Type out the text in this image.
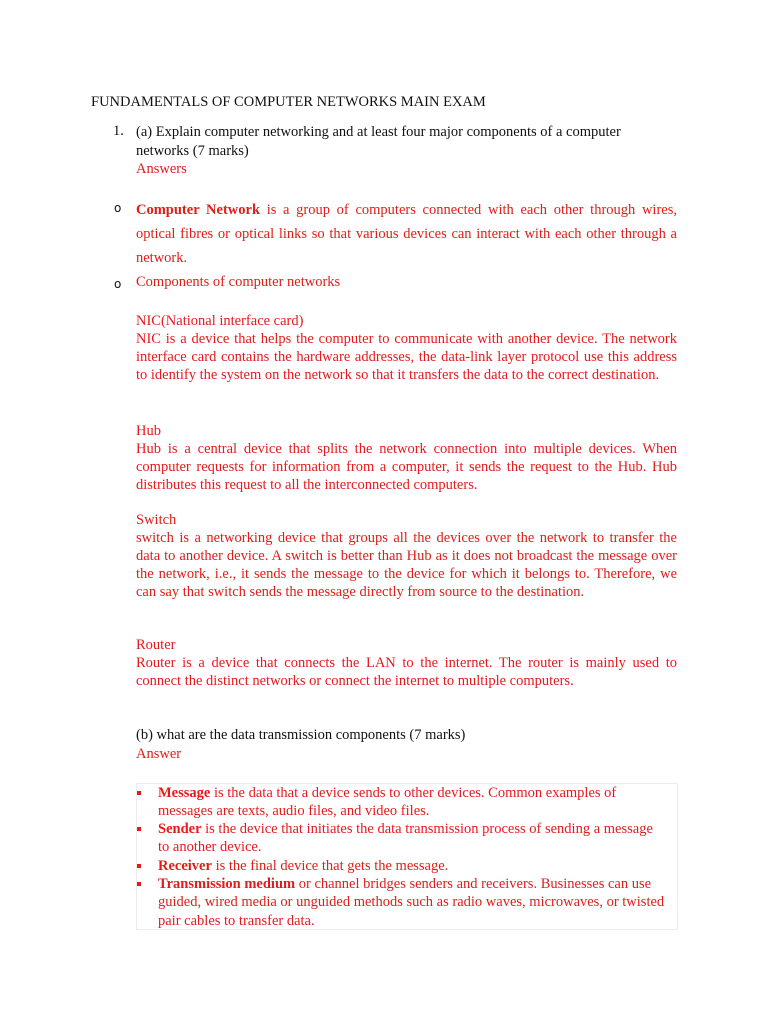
FUNDAMENTALS OF COMPUTER NETWORKS MAIN EXAM
1. (a) Explain computer networking and at least four major components of a computer networks (7 marks)
Answers
o Computer Network is a group of computers connected with each other through wires, optical fibres or optical links so that various devices can interact with each other through a network.
o Components of computer networks
NIC(National interface card)
NIC is a device that helps the computer to communicate with another device. The network interface card contains the hardware addresses, the data-link layer protocol use this address to identify the system on the network so that it transfers the data to the correct destination.
Hub
Hub is a central device that splits the network connection into multiple devices. When computer requests for information from a computer, it sends the request to the Hub. Hub distributes this request to all the interconnected computers.
Switch
switch is a networking device that groups all the devices over the network to transfer the data to another device. A switch is better than Hub as it does not broadcast the message over the network, i.e., it sends the message to the device for which it belongs to. Therefore, we can say that switch sends the message directly from source to the destination.
Router
Router is a device that connects the LAN to the internet. The router is mainly used to connect the distinct networks or connect the internet to multiple computers.
(b) what are the data transmission components (7 marks)
Answer
Message is the data that a device sends to other devices. Common examples of messages are texts, audio files, and video files.
Sender is the device that initiates the data transmission process of sending a message to another device.
Receiver is the final device that gets the message.
Transmission medium or channel bridges senders and receivers. Businesses can use guided, wired media or unguided methods such as radio waves, microwaves, or twisted pair cables to transfer data.
